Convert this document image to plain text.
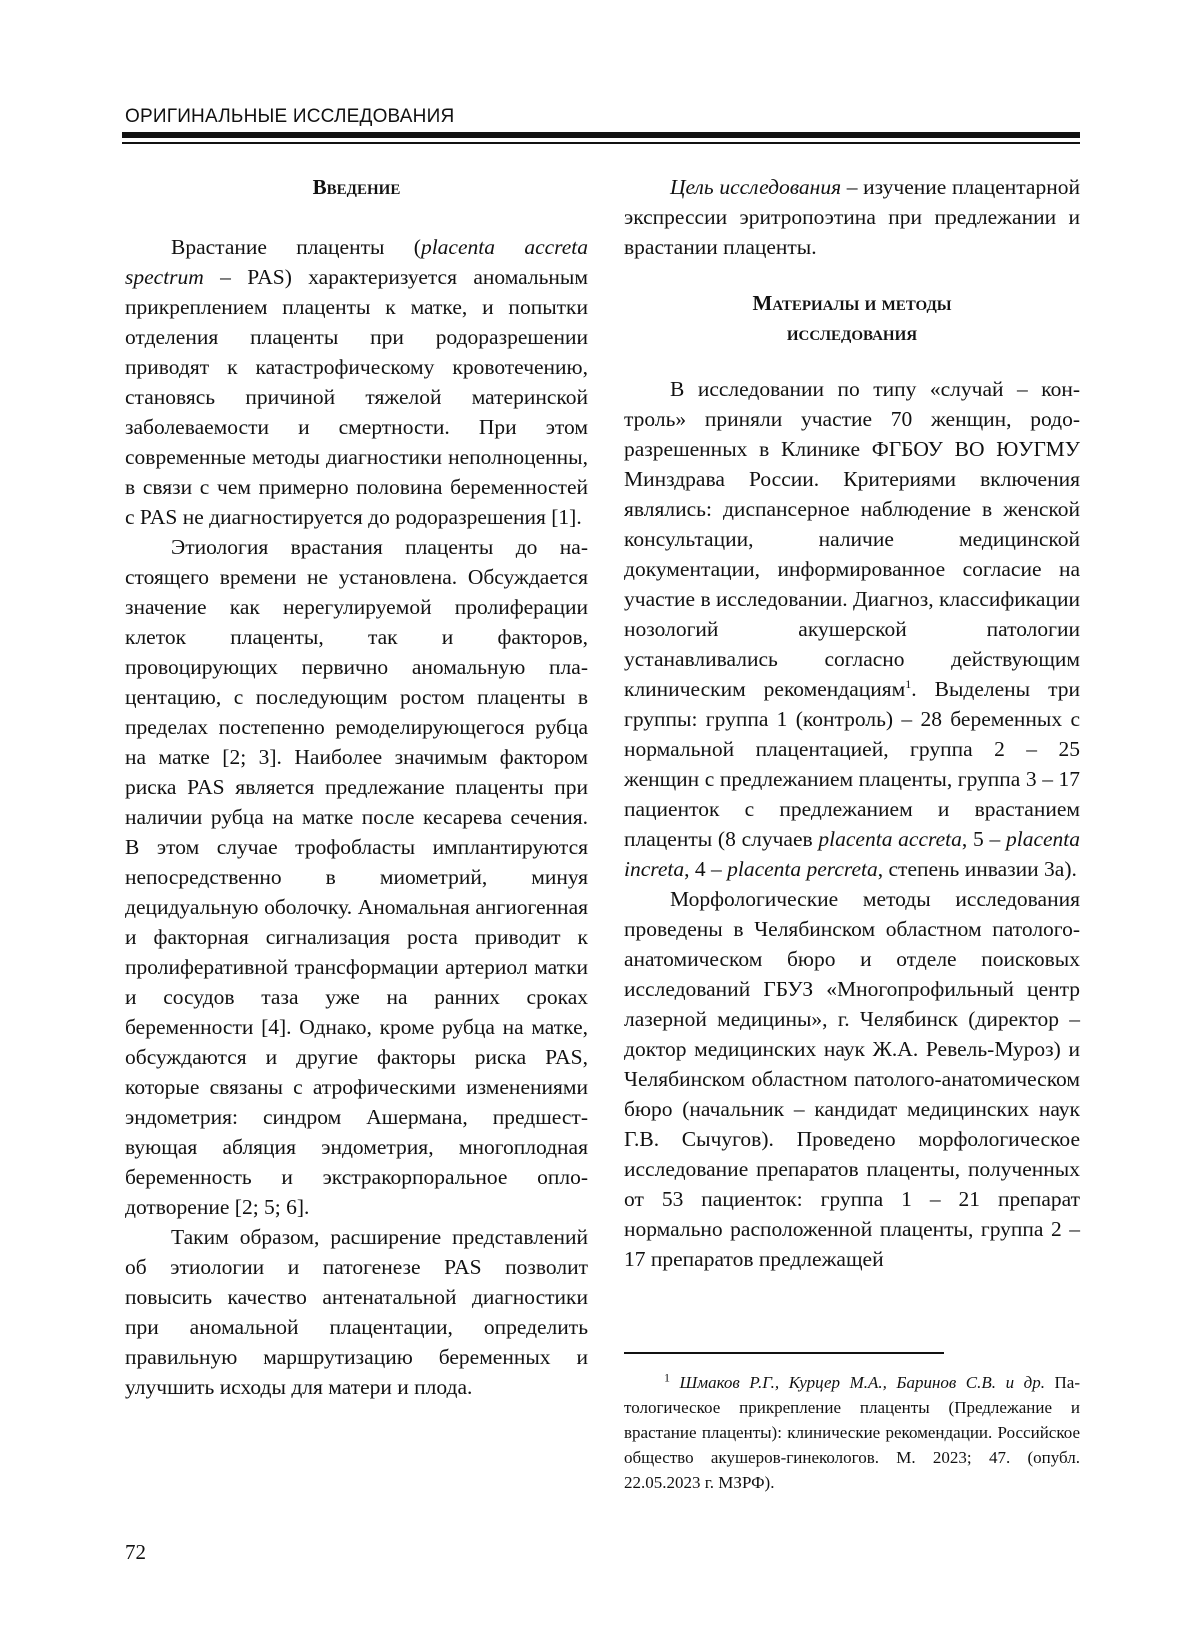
ОРИГИНАЛЬНЫЕ ИССЛЕДОВАНИЯ
Введение

Врастание плаценты (placenta accreta spectrum – PAS) характеризуется аномальным прикреплением плаценты к матке, и попытки отделения плаценты при родоразрешении приводят к катастрофическому кровотечению, становясь причиной тяжелой материнской заболеваемости и смертности. При этом современные методы диагностики неполноценны, в связи с чем примерно половина беременностей с PAS не диагностируется до родоразрешения [1].

Этиология врастания плаценты до настоящего времени не установлена. Обсуждается значение как нерегулируемой пролиферации клеток плаценты, так и факторов, провоцирующих первично аномальную плацентацию, с последующим ростом плаценты в пределах постепенно ремоделирующегося рубца на матке [2; 3]. Наиболее значимым фактором риска PAS является предлежание плаценты при наличии рубца на матке после кесарева сечения. В этом случае трофобласты имплантируются непосредственно в миометрий, минуя децидуальную оболочку. Аномальная ангиогенная и факторная сигнализация роста приводит к пролиферативной трансформации артериол матки и сосудов таза уже на ранних сроках беременности [4]. Однако, кроме рубца на матке, обсуждаются и другие факторы риска PAS, которые связаны с атрофическими изменениями эндометрия: синдром Ашермана, предшествующая абляция эндометрия, многоплодная беременность и экстракорпоральное оплодотворение [2; 5; 6].

Таким образом, расширение представлений об этиологии и патогенезе PAS позволит повысить качество антенатальной диагностики при аномальной плацентации, определить правильную маршрутизацию беременных и улучшить исходы для матери и плода.

Цель исследования – изучение плацентарной экспрессии эритропоэтина при предлежании и врастании плаценты.

Материалы и методы
исследования

В исследовании по типу «случай – контроль» приняли участие 70 женщин, родоразрешенных в Клинике ФГБОУ ВО ЮУГМУ Минздрава России. Критериями включения являлись: диспансерное наблюдение в женской консультации, наличие медицинской документации, информированное согласие на участие в исследовании. Диагноз, классификации нозологий акушерской патологии устанавливались согласно действующим клиническим рекомендациям$^1$. Выделены три группы: группа 1 (контроль) – 28 беременных с нормальной плацентацией, группа 2 – 25 женщин с предлежанием плаценты, группа 3 – 17 пациенток с предлежанием и врастанием плаценты (8 случаев placenta accreta, 5 – placenta increta, 4 – placenta percreta, степень инвазии 3а).

Морфологические методы исследования проведены в Челябинском областном патолого-анатомическом бюро и отделе поисковых исследований ГБУЗ «Многопрофильный центр лазерной медицины», г. Челябинск (директор – доктор медицинских наук Ж.А. Ревель-Муроз) и Челябинском областном патолого-анатомическом бюро (начальник – кандидат медицинских наук Г.В. Сычугов). Проведено морфологическое исследование препаратов плаценты, полученных от 53 пациенток: группа 1 – 21 препарат нормально расположенной плаценты, группа 2 – 17 препаратов предлежащей

$^1$ Шмаков Р.Г., Курцер М.А., Баринов С.В. и др. Патологическое прикрепление плаценты (Предлежание и врастание плаценты): клинические рекомендации. Российское общество акушеров-гинекологов. М. 2023; 47. (опубл. 22.05.2023 г. МЗРФ).

72
